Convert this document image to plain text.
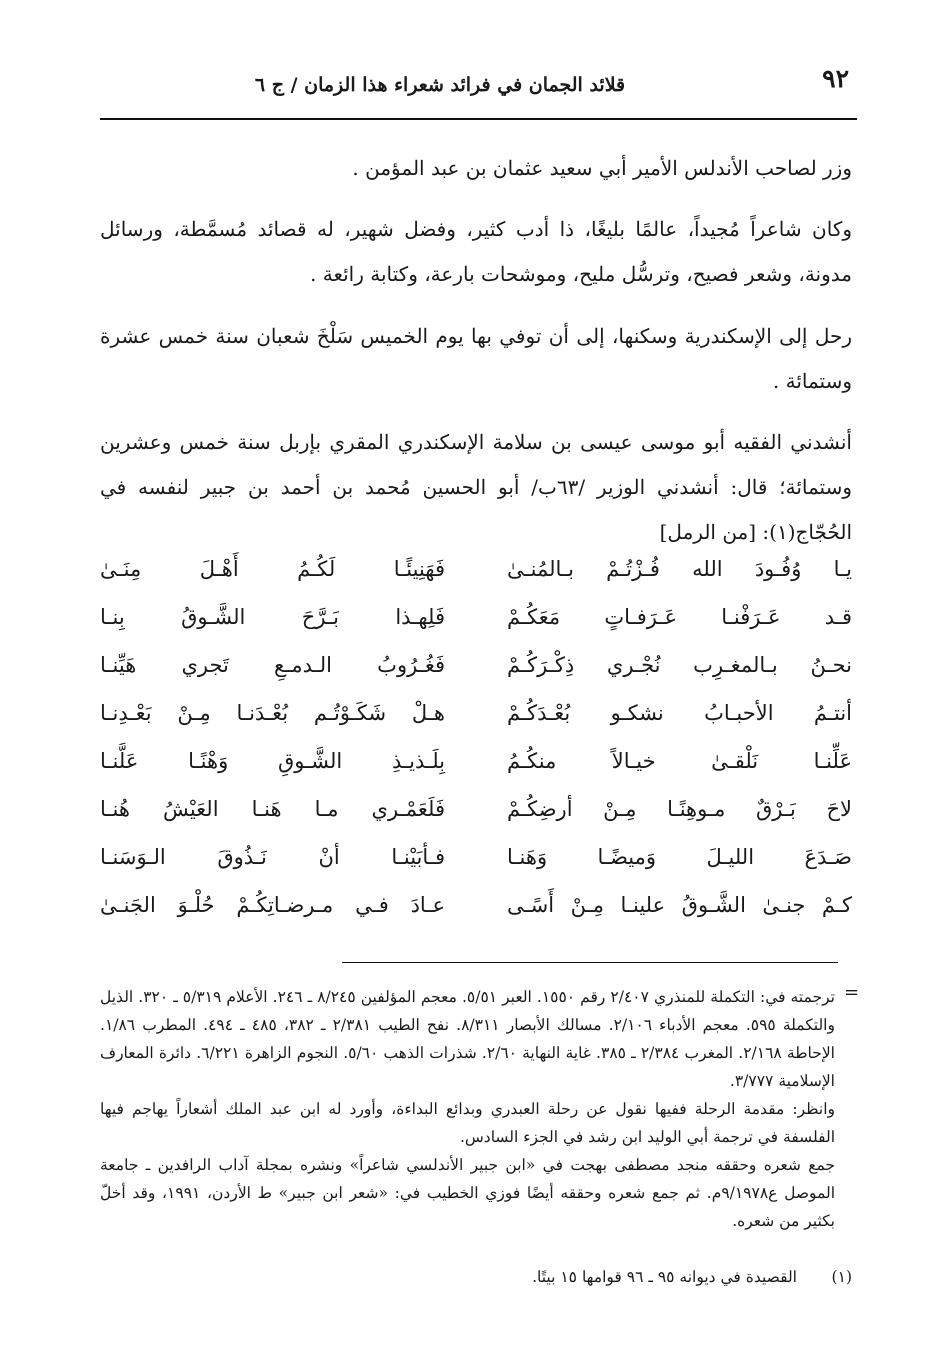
٩٢
قلائد الجمان في فرائد شعراء هذا الزمان / ج ٦

وزر لصاحب الأندلس الأمير أبي سعيد عثمان بن عبد المؤمن .

وكان شاعراً مُجيداً، عالمًا بليغًا، ذا أدب كثير، وفضل شهير، له قصائد مُسمَّطة، ورسائل مدونة، وشعر فصيح، وترسُّل مليح، وموشحات بارعة، وكتابة رائعة .

رحل إلى الإسكندرية وسكنها، إلى أن توفي بها يوم الخميس سَلْخَ شعبان سنة خمس عشرة وستمائة .

أنشدني الفقيه أبو موسى عيسى بن سلامة الإسكندري المقري بإربل سنة خمس وعشرين وستمائة؛ قال: أنشدني الوزير /٦٣ب/ أبو الحسين مُحمد بن أحمد بن جبير لنفسه في الحُجّاج(١): [من الرمل]

يـا وُفُـودَ الله فُـزْتُـمْ بـالمُنـىٰ
فَهَنِيئًـا لَكُـمُ أَهْـلَ مِنَـىٰ
قـد عَـرَفْنـا عَـرَفـاتٍ مَعَكُـمْ
فَلِهـذا بَـرَّحَ الشَّـوقُ بِنـا
نحـنُ بـالمغـرِب نُجْـري ذِكْـرَكُـمْ
فَغُـرُوبُ الـدمـعِ تَجري هَيِّنـا
أنتـمُ الأحبـابُ نشكـو بُعْـدَكُـمْ
هـلْ شَكَـوْتُـم بُعْـدَنـا مِـنْ بَعْـدِنـا
عَلِّنـا نَلْقـىٰ خيـالاً منكُـمُ
بِلَـذيـذِ الشَّـوقِ وَهْنًـا عَلَّنـا
لاحَ بَـرْقٌ مـوهِنًـا مِـنْ أرضِكُـمْ
فَلَعَمْـري مـا هَنـا العَيْشُ هُنـا
صَـدَعَ الليـلَ وَميضًـا وَهَنـا
فـأبَيْنـا أنْ نَـذُوقَ الـوَسَنـا
كـمْ جنـىٰ الشَّـوقُ علينـا مِـنْ أَسًـى
عـادَ فـي مـرضـاتِكُـمْ حُلْـوَ الجَنـىٰ
=

ترجمته في: التكملة للمنذري ٢/٤٠٧ رقم ١٥٥٠. العبر ٥/٥١. معجم المؤلفين ٨/٢٤٥ ـ ٢٤٦. الأعلام ٥/٣١٩ ـ ٣٢٠. الذيل والتكملة ٥٩٥. معجم الأدباء ٢/١٠٦. مسالك الأبصار ٨/٣١١. نفح الطيب ٢/٣٨١ ـ ٣٨٢، ٤٨٥ ـ ٤٩٤. المطرب ١/٨٦. الإحاطة ٢/١٦٨. المغرب ٢/٣٨٤ ـ ٣٨٥. غاية النهاية ٢/٦٠. شذرات الذهب ٥/٦٠. النجوم الزاهرة ٦/٢٢١. دائرة المعارف الإسلامية ٣/٧٧٧.

وانظر: مقدمة الرحلة ففيها نقول عن رحلة العبدري وبدائع البداءة، وأورد له ابن عبد الملك أشعاراً يهاجم فيها الفلسفة في ترجمة أبي الوليد ابن رشد في الجزء السادس.

جمع شعره وحققه منجد مصطفى بهجت في «ابن جبير الأندلسي شاعراً» ونشره بمجلة آداب الرافدين ـ جامعة الموصل ع٩/١٩٧٨م. ثم جمع شعره وحققه أيضًا فوزي الخطيب في: «شعر ابن جبير» ط الأردن، ١٩٩١، وقد أخلّ بكثير من شعره.

(١)
القصيدة في ديوانه ٩٥ ـ ٩٦ قوامها ١٥ بيتًا.
